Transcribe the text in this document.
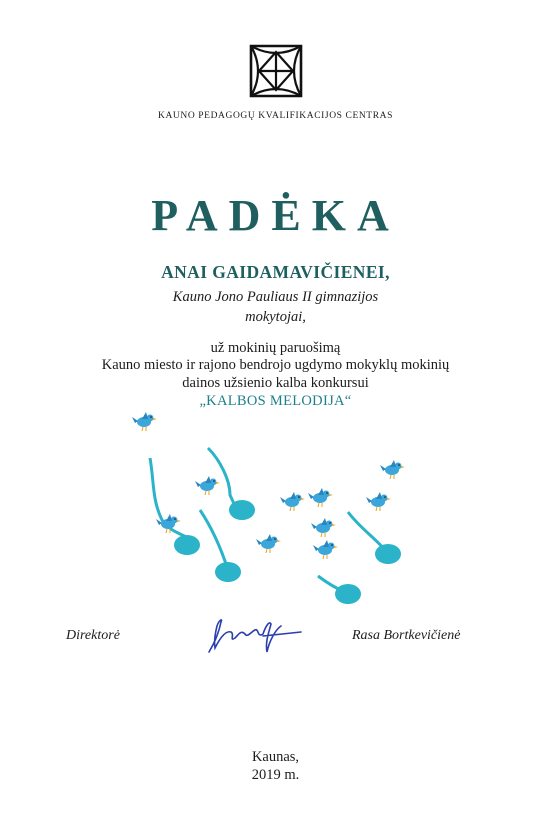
KAUNO PEDAGOGŲ KVALIFIKACIJOS CENTRAS
PADĖKA
ANAI GAIDAMAVIČIENEI,
Kauno Jono Pauliaus II gimnazijos
mokytojai,
už mokinių paruošimą
Kauno miesto ir rajono bendrojo ugdymo mokyklų mokinių
dainos užsienio kalba konkursui
„KALBOS MELODIJA“
Direktorė	Rasa Bortkevičienė
Kaunas,
2019 m.
